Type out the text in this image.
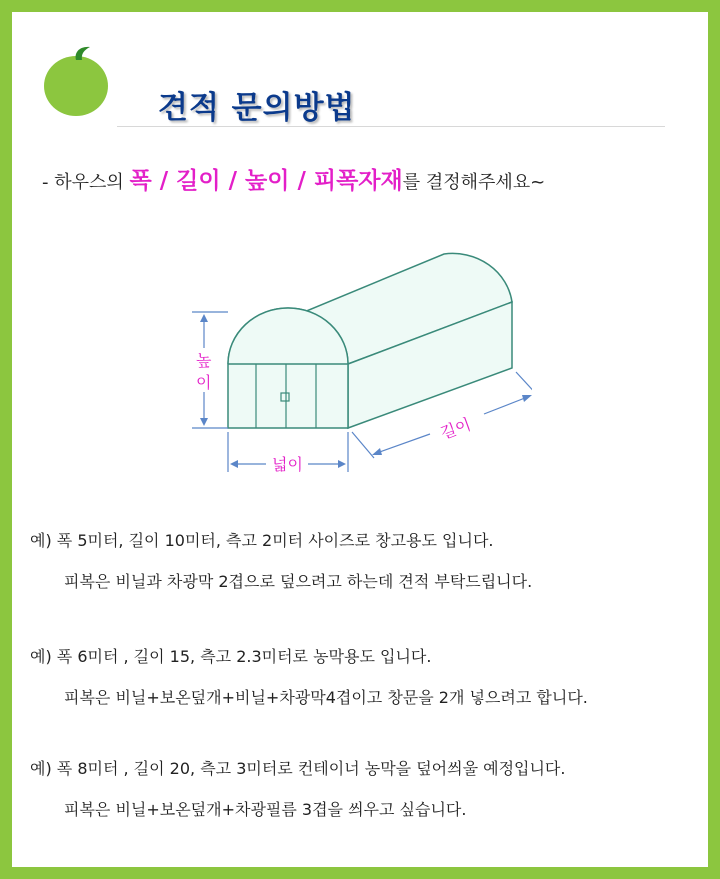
견적 문의방법
- 하우스의 폭 / 길이 / 높이 / 피폭자재를 결정해주세요~
높
이
넓이
길이
예) 폭 5미터, 길이 10미터, 측고 2미터 사이즈로 창고용도 입니다.
피복은 비닐과 차광막 2겹으로 덮으려고 하는데 견적 부탁드립니다.
예) 폭 6미터 , 길이 15, 측고 2.3미터로 농막용도 입니다.
피복은 비닐+보온덮개+비닐+차광막4겹이고 창문을 2개 넣으려고 합니다.
예) 폭 8미터 , 길이 20, 측고 3미터로 컨테이너 농막을 덮어씌울 예정입니다.
피복은 비닐+보온덮개+차광필름 3겹을 씌우고 싶습니다.
